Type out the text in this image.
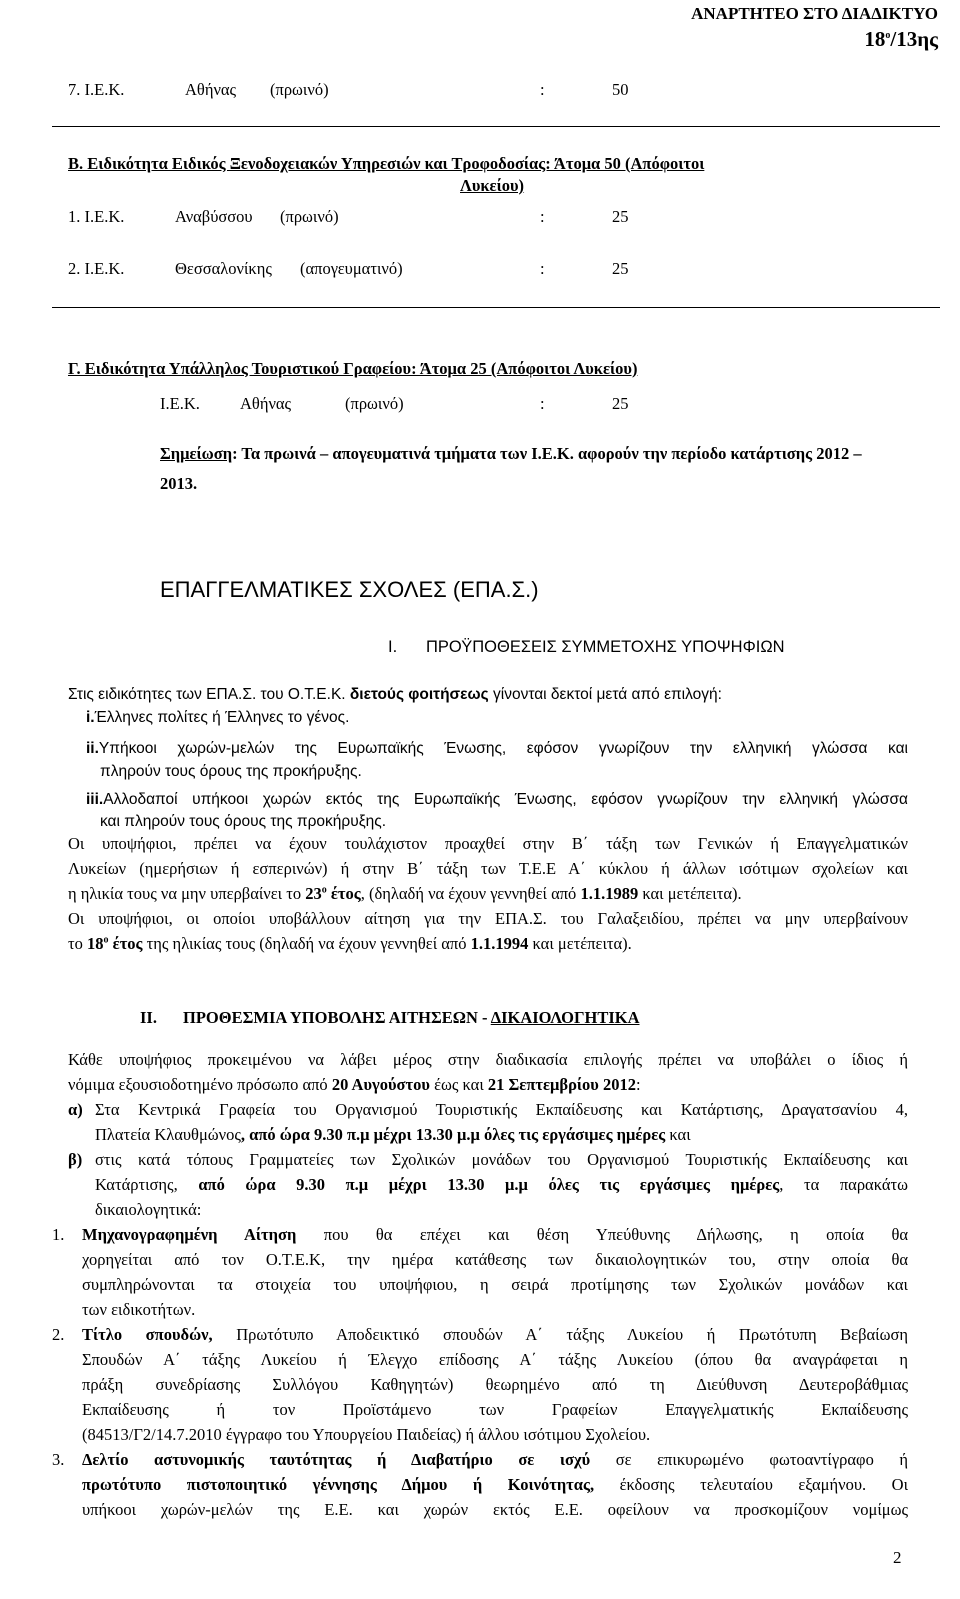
ΑΝΑΡΤΗΤΕΟ ΣΤΟ ΔΙΑΔΙΚΤΥΟ
$18^o/13\eta\varsigma$
7. Ι.Ε.Κ.	Αθήνας (πρωινό)	:	50
Β. Ειδικότητα Ειδικός Ξενοδοχειακών Υπηρεσιών και Τροφοδοσίας: Άτομα 50 (Απόφοιτοι
Λυκείου)
1. Ι.Ε.Κ.	Αναβύσσου (πρωινό)	:	25
2. Ι.Ε.Κ.	Θεσσαλονίκης (απογευματινό)	:	25
Γ. Ειδικότητα Υπάλληλος Τουριστικού Γραφείου: Άτομα 25 (Απόφοιτοι Λυκείου)
Ι.Ε.Κ. Αθήνας	(πρωινό)	:	25
Σημείωση: Τα πρωινά – απογευματινά τμήματα των Ι.Ε.Κ. αφορούν την περίοδο κατάρτισης 2012 –
2013.
ΕΠΑΓΓΕΛΜΑΤΙΚΕΣ ΣΧΟΛΕΣ (ΕΠΑ.Σ.)
Ι. ΠΡΟΫΠΟΘΕΣΕΙΣ ΣΥΜΜΕΤΟΧΗΣ ΥΠΟΨΗΦΙΩΝ
Στις ειδικότητες των ΕΠΑ.Σ. του Ο.Τ.Ε.Κ. διετούς φοιτήσεως γίνονται δεκτοί μετά από επιλογή:
i.Έλληνες πολίτες ή Έλληνες το γένος.
ii.Υπήκοοι χωρών-μελών της Ευρωπαϊκής Ένωσης, εφόσον γνωρίζουν την ελληνική γλώσσα και
πληρούν τους όρους της προκήρυξης.
iii.Αλλοδαποί υπήκοοι χωρών εκτός της Ευρωπαϊκής Ένωσης, εφόσον γνωρίζουν την ελληνική γλώσσα
και πληρούν τους όρους της προκήρυξης.
Οι υποψήφιοι, πρέπει να έχουν τουλάχιστον προαχθεί στην Β΄ τάξη των Γενικών ή Επαγγελματικών
Λυκείων (ημερήσιων ή εσπερινών) ή στην Β΄ τάξη των Τ.Ε.Ε Α΄ κύκλου ή άλλων ισότιμων σχολείων και
η ηλικία τους να μην υπερβαίνει το $23^o$ έτος, (δηλαδή να έχουν γεννηθεί από 1.1.1989 και μετέπειτα).
Οι υποψήφιοι, οι οποίοι υποβάλλουν αίτηση για την ΕΠΑ.Σ. του Γαλαξειδίου, πρέπει να μην υπερβαίνουν
το $18^o$ έτος της ηλικίας τους (δηλαδή να έχουν γεννηθεί από 1.1.1994 και μετέπειτα).
ΙΙ. ΠΡΟΘΕΣΜΙΑ ΥΠΟΒΟΛΗΣ ΑΙΤΗΣΕΩΝ - ΔΙΚΑΙΟΛΟΓΗΤΙΚΑ
Κάθε υποψήφιος προκειμένου να λάβει μέρος στην διαδικασία επιλογής πρέπει να υποβάλει ο ίδιος ή
νόμιμα εξουσιοδοτημένο πρόσωπο από 20 Αυγούστου έως και 21 Σεπτεμβρίου 2012:
α) Στα Κεντρικά Γραφεία του Οργανισμού Τουριστικής Εκπαίδευσης και Κατάρτισης, Δραγατσανίου 4,
Πλατεία Κλαυθμώνος, από ώρα 9.30 π.μ μέχρι 13.30 μ.μ όλες τις εργάσιμες ημέρες και
β) στις κατά τόπους Γραμματείες των Σχολικών μονάδων του Οργανισμού Τουριστικής Εκπαίδευσης και
Κατάρτισης, από ώρα 9.30 π.μ μέχρι 13.30 μ.μ όλες τις εργάσιμες ημέρες, τα παρακάτω
δικαιολογητικά:
1. Μηχανογραφημένη Αίτηση που θα επέχει και θέση Υπεύθυνης Δήλωσης, η οποία θα
χορηγείται από τον Ο.Τ.Ε.Κ, την ημέρα κατάθεσης των δικαιολογητικών του, στην οποία θα
συμπληρώνονται τα στοιχεία του υποψήφιου, η σειρά προτίμησης των Σχολικών μονάδων και
των ειδικοτήτων.
2. Τίτλο σπουδών, Πρωτότυπο Αποδεικτικό σπουδών Α΄ τάξης Λυκείου ή Πρωτότυπη Βεβαίωση
Σπουδών Α΄ τάξης Λυκείου ή Έλεγχο επίδοσης Α΄ τάξης Λυκείου (όπου θα αναγράφεται η
πράξη συνεδρίασης Συλλόγου Καθηγητών) θεωρημένο από τη Διεύθυνση Δευτεροβάθμιας
Εκπαίδευσης ή τον Προϊστάμενο των Γραφείων Επαγγελματικής Εκπαίδευσης
(84513/Γ2/14.7.2010 έγγραφο του Υπουργείου Παιδείας) ή άλλου ισότιμου Σχολείου.
3. Δελτίο αστυνομικής ταυτότητας ή Διαβατήριο σε ισχύ σε επικυρωμένο φωτοαντίγραφο ή
πρωτότυπο πιστοποιητικό γέννησης Δήμου ή Κοινότητας, έκδοσης τελευταίου εξαμήνου. Οι
υπήκοοι χωρών-μελών της Ε.Ε. και χωρών εκτός Ε.Ε. οφείλουν να προσκομίζουν νομίμως
2
